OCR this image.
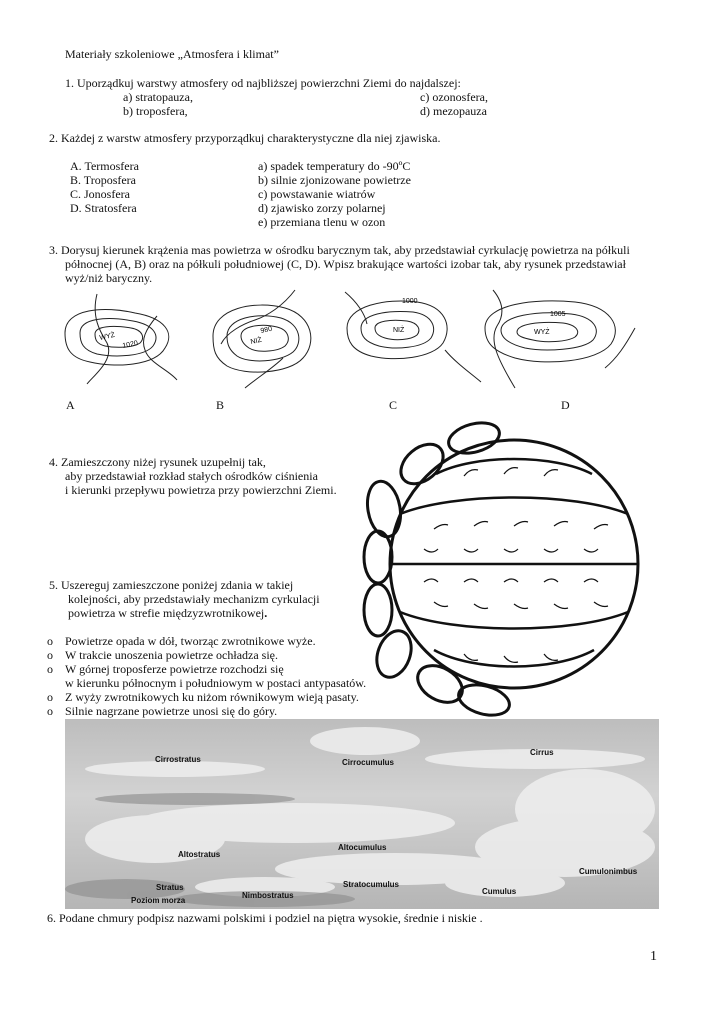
Materiały szkoleniowe „Atmosfera i klimat”
1. Uporządkuj warstwy atmosfery od najbliższej powierzchni Ziemi do najdalszej:
a) stratopauza,
b) troposfera,
c) ozonosfera,
d) mezopauza
2. Każdej z warstw atmosfery przyporządkuj charakterystyczne dla niej zjawiska.
A. Termosfera
B. Troposfera
C. Jonosfera
D. Stratosfera
a) spadek temperatury do -90ºC
b) silnie zjonizowane powietrze
c) powstawanie wiatrów
d) zjawisko zorzy polarnej
e) przemiana tlenu w ozon
3. Dorysuj kierunek krążenia mas powietrza w ośrodku barycznym tak, aby przedstawiał cyrkulację powietrza na półkuli
północnej (A, B) oraz na półkuli południowej (C, D). Wpisz brakujące wartości izobar tak, aby rysunek przedstawiał
wyż/niż baryczny.
WYŻ
1020	NIŻ
980	NIŻ
1000
WYŻ
1005
A	B	C	D
4. Zamieszczony niżej rysunek uzupełnij tak,
aby przedstawiał rozkład stałych ośrodków ciśnienia
i kierunki przepływu powietrza przy powierzchni Ziemi.
5. Uszereguj zamieszczone poniżej zdania w takiej
kolejności, aby przedstawiały mechanizm cyrkulacji
powietrza w strefie międzyzwrotnikowej.
o Powietrze opada w dół, tworząc zwrotnikowe wyże.
o W trakcie unoszenia powietrze ochładza się.
o W górnej troposferze powietrze rozchodzi się
w kierunku północnym i południowym w postaci antypasatów.
o Z wyży zwrotnikowych ku niżom równikowym wieją pasaty.
o Silnie nagrzane powietrze unosi się do góry.
Cirrostratus	Cirrocumulus
Cirrus
Altostratus
Altocumulus
Cumulonimbus
Stratocumulus
Stratus
Nimbostratus	Cumulus
Poziom morza
6. Podane chmury podpisz nazwami polskimi i podziel na piętra wysokie, średnie i niskie .
1
